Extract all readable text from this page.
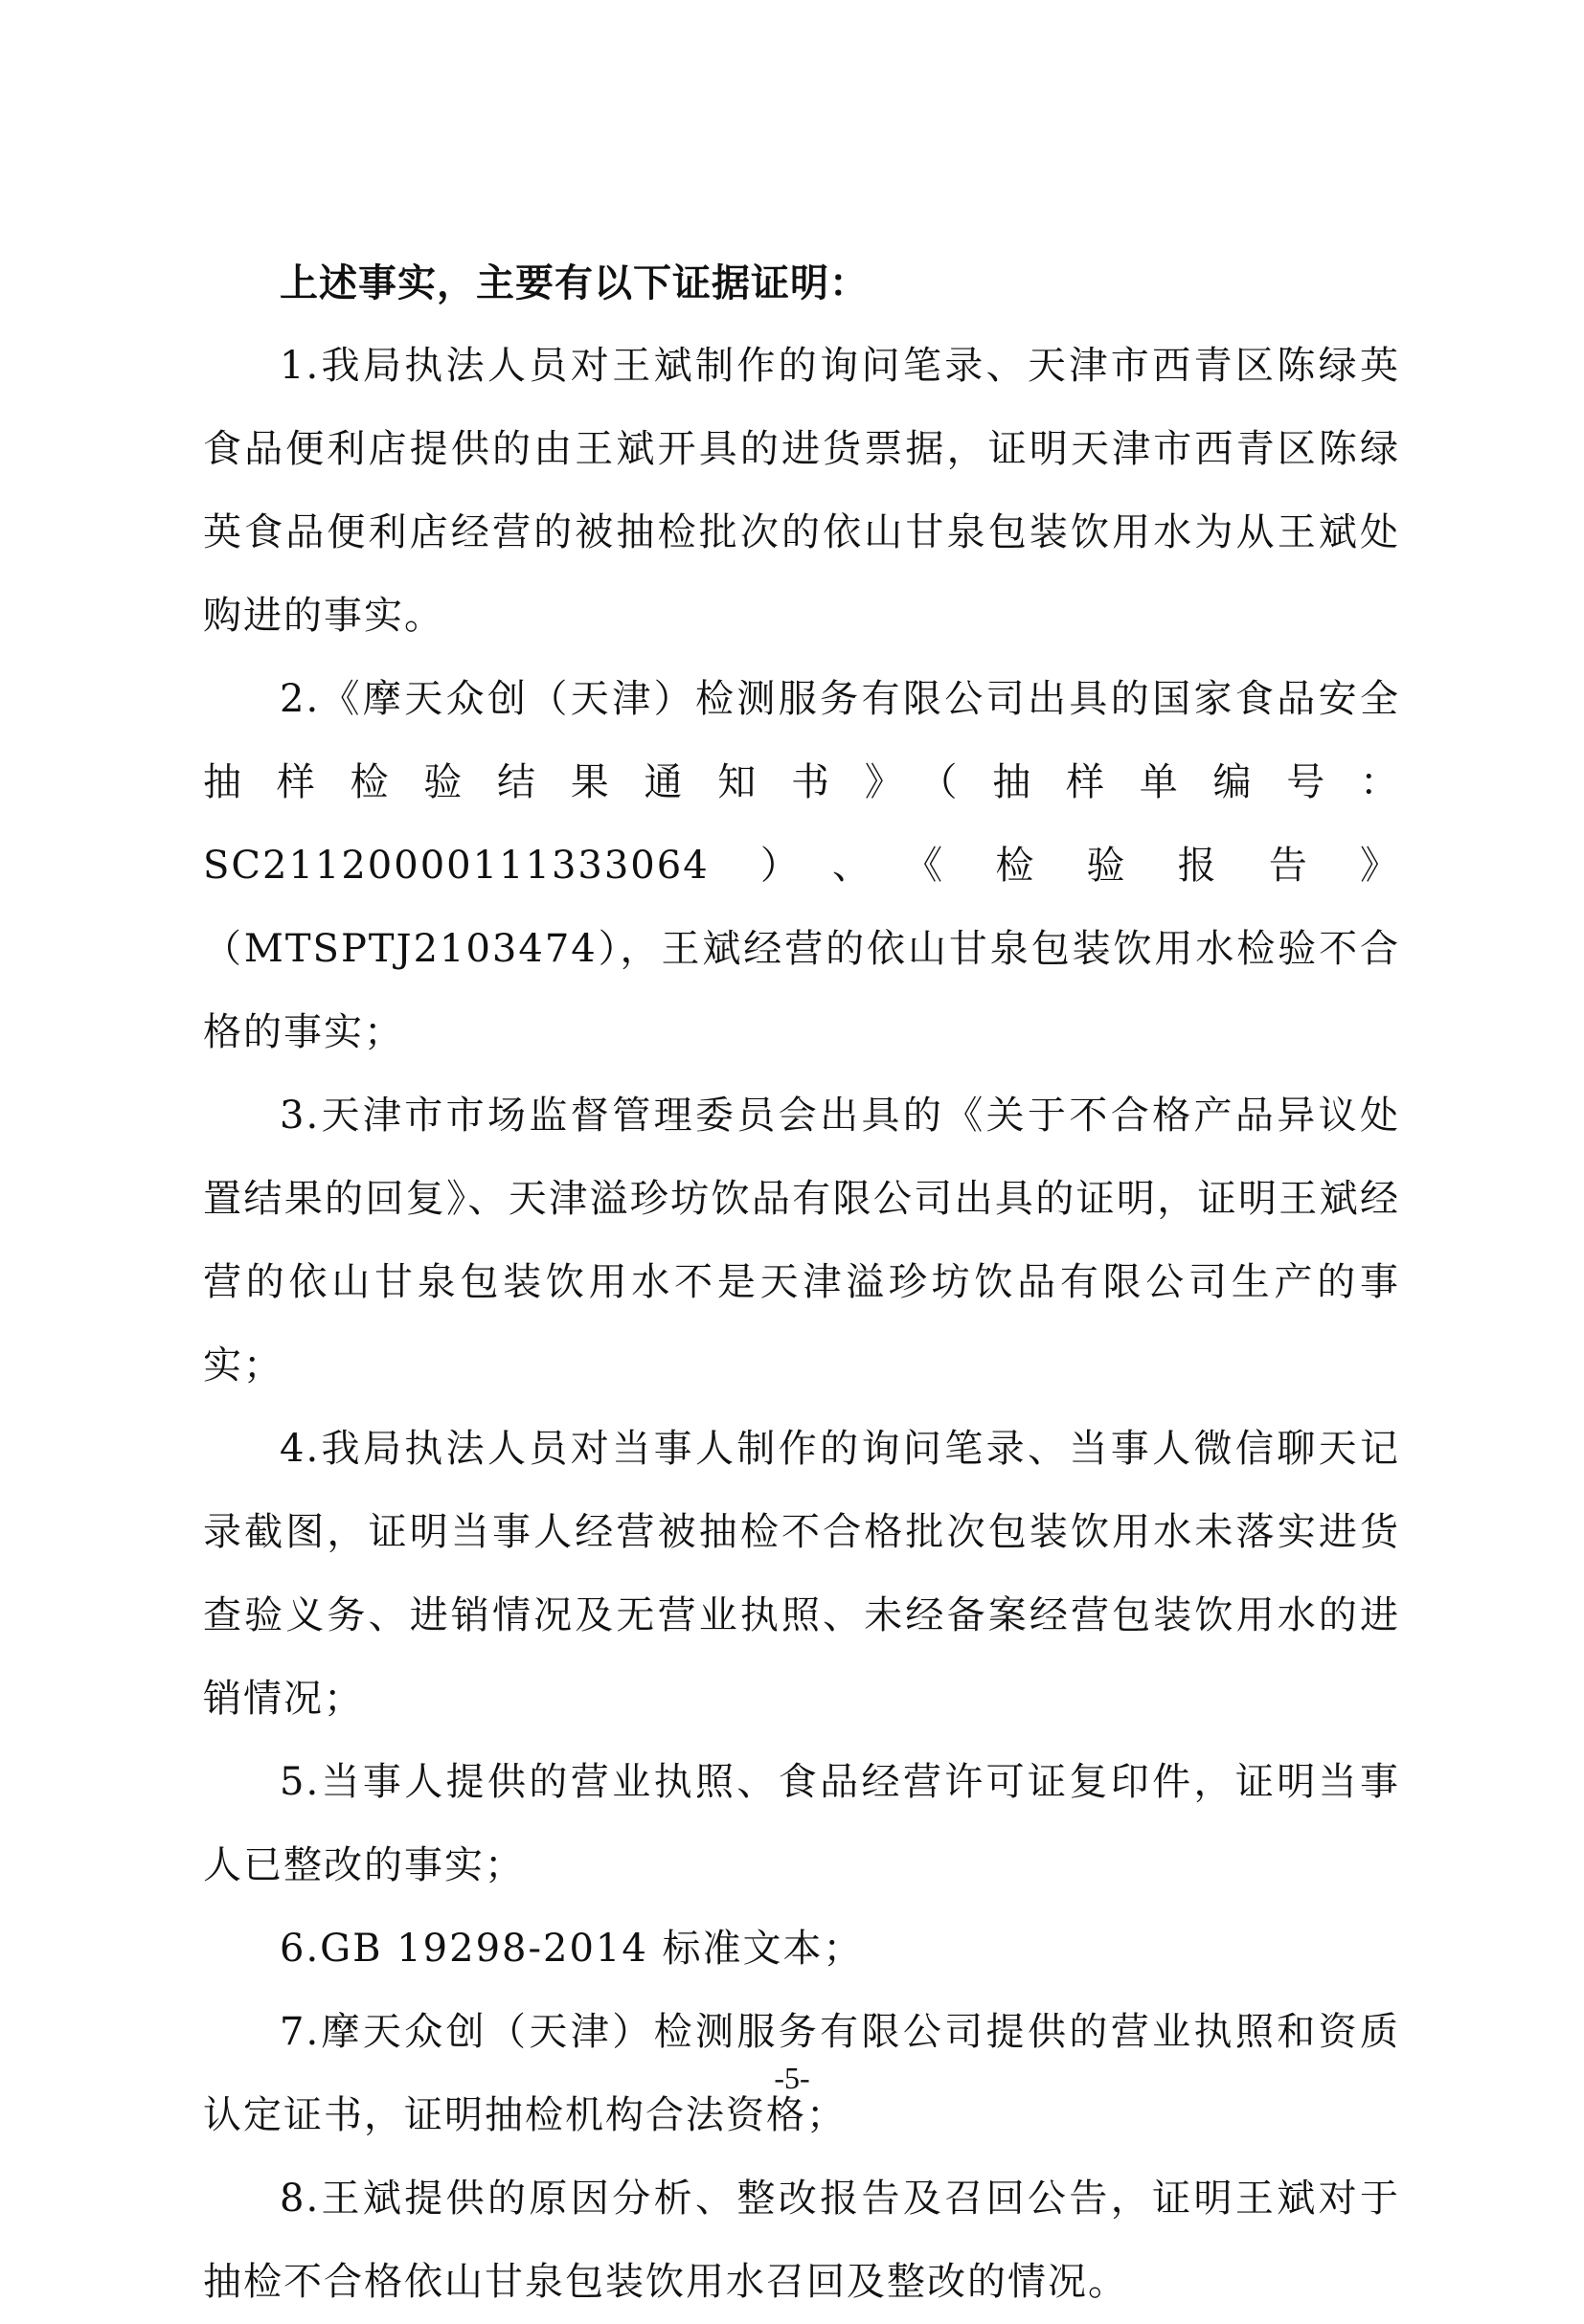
上述事实，主要有以下证据证明：

1.我局执法人员对王斌制作的询问笔录、天津市西青区陈绿英食品便利店提供的由王斌开具的进货票据，证明天津市西青区陈绿英食品便利店经营的被抽检批次的依山甘泉包装饮用水为从王斌处购进的事实。

2.《摩天众创（天津）检测服务有限公司出具的国家食品安全抽样检验结果通知书》（抽样单编号：SC21120000111333064）、《检验报告》（MTSPTJ2103474），王斌经营的依山甘泉包装饮用水检验不合格的事实；

3.天津市市场监督管理委员会出具的《关于不合格产品异议处置结果的回复》、天津溢珍坊饮品有限公司出具的证明，证明王斌经营的依山甘泉包装饮用水不是天津溢珍坊饮品有限公司生产的事实；

4.我局执法人员对当事人制作的询问笔录、当事人微信聊天记录截图，证明当事人经营被抽检不合格批次包装饮用水未落实进货查验义务、进销情况及无营业执照、未经备案经营包装饮用水的进销情况；

5.当事人提供的营业执照、食品经营许可证复印件，证明当事人已整改的事实；

6.GB 19298-2014 标准文本；

7.摩天众创（天津）检测服务有限公司提供的营业执照和资质认定证书，证明抽检机构合法资格；

8.王斌提供的原因分析、整改报告及召回公告，证明王斌对于抽检不合格依山甘泉包装饮用水召回及整改的情况。

-5-
